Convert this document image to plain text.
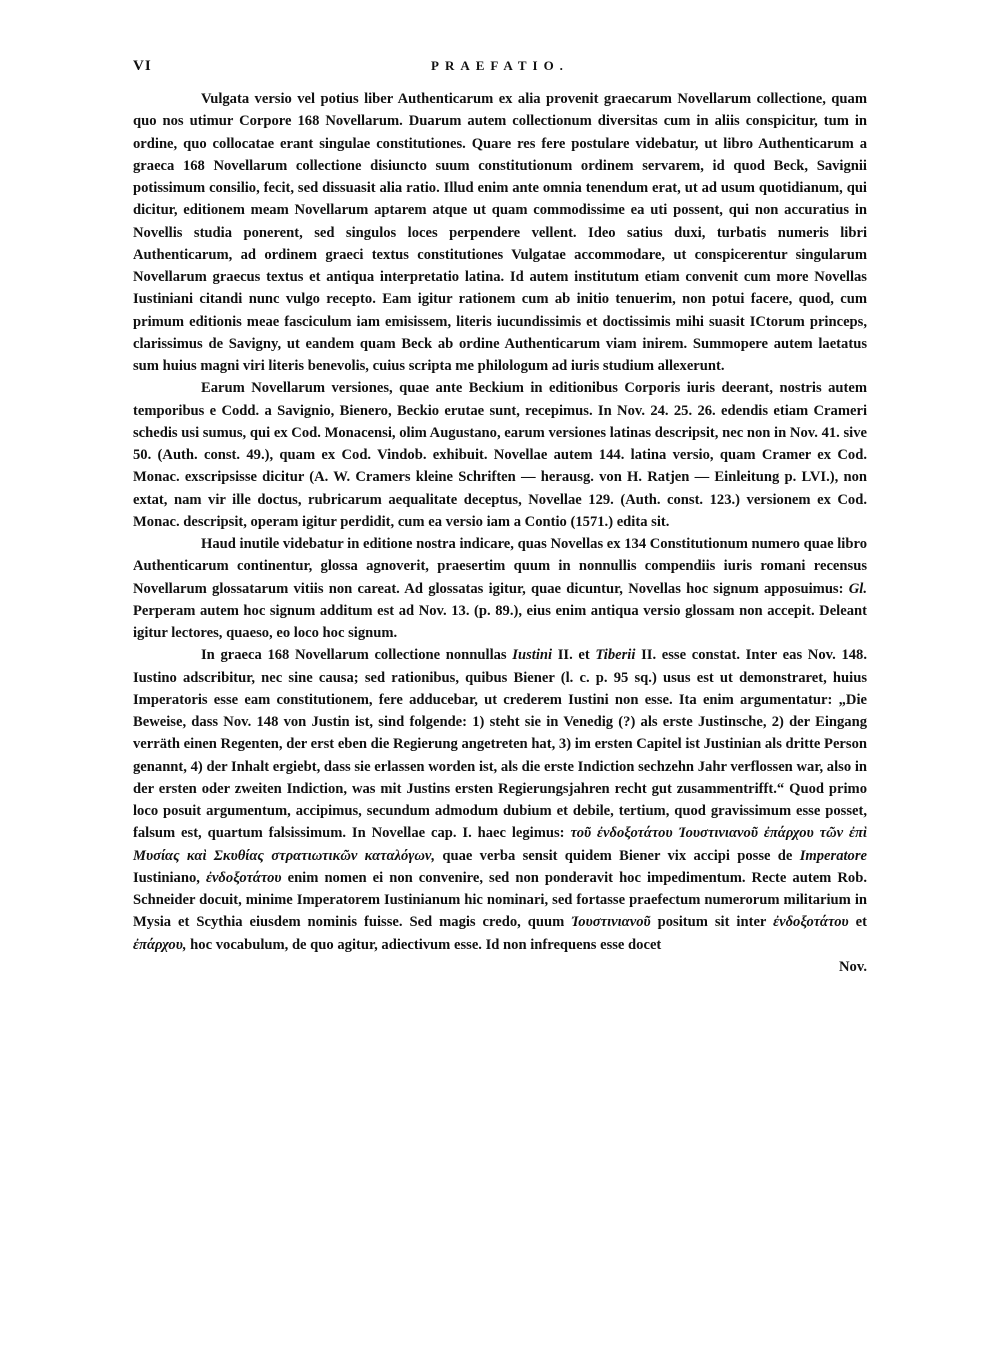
PRAEFATIO.
VI

Vulgata versio vel potius liber Authenticarum ex alia provenit graecarum Novellarum collectione, quam quo nos utimur Corpore 168 Novellarum. Duarum autem collectionum diversitas cum in aliis conspicitur, tum in ordine, quo collocatae erant singulae constitutiones. Quare res fere postulare videbatur, ut libro Authenticarum a graeca 168 Novellarum collectione disiuncto suum constitutionum ordinem servarem, id quod Beck, Savignii potissimum consilio, fecit, sed dissuasit alia ratio. Illud enim ante omnia tenendum erat, ut ad usum quotidianum, qui dicitur, editionem meam Novellarum aptarem atque ut quam commodissime ea uti possent, qui non accuratius in Novellis studia ponerent, sed singulos loces perpendere vellent. Ideo satius duxi, turbatis numeris libri Authenticarum, ad ordinem graeci textus constitutiones Vulgatae accommodare, ut conspicerentur singularum Novellarum graecus textus et antiqua interpretatio latina. Id autem institutum etiam convenit cum more Novellas Iustiniani citandi nunc vulgo recepto. Eam igitur rationem cum ab initio tenuerim, non potui facere, quod, cum primum editionis meae fasciculum iam emisissem, literis iucundissimis et doctissimis mihi suasit ICtorum princeps, clarissimus de Savigny, ut eandem quam Beck ab ordine Authenticarum viam inirem. Summopere autem laetatus sum huius magni viri literis benevolis, cuius scripta me philologum ad iuris studium allexerunt.

Earum Novellarum versiones, quae ante Beckium in editionibus Corporis iuris deerant, nostris autem temporibus e Codd. a Savignio, Bienero, Beckio erutae sunt, recepimus. In Nov. 24. 25. 26. edendis etiam Crameri schedis usi sumus, qui ex Cod. Monacensi, olim Augustano, earum versiones latinas descripsit, nec non in Nov. 41. sive 50. (Auth. const. 49.), quam ex Cod. Vindob. exhibuit. Novellae autem 144. latina versio, quam Cramer ex Cod. Monac. exscripsisse dicitur (A. W. Cramers kleine Schriften — herausg. von H. Ratjen — Einleitung p. LVI.), non extat, nam vir ille doctus, rubricarum aequalitate deceptus, Novellae 129. (Auth. const. 123.) versionem ex Cod. Monac. descripsit, operam igitur perdidit, cum ea versio iam a Contio (1571.) edita sit.

Haud inutile videbatur in editione nostra indicare, quas Novellas ex 134 Constitutionum numero quae libro Authenticarum continentur, glossa agnoverit, praesertim quum in nonnullis compendiis iuris romani recensus Novellarum glossatarum vitiis non careat. Ad glossatas igitur, quae dicuntur, Novellas hoc signum apposuimus: Gl. Perperam autem hoc signum additum est ad Nov. 13. (p. 89.), eius enim antiqua versio glossam non accepit. Deleant igitur lectores, quaeso, eo loco hoc signum.

In graeca 168 Novellarum collectione nonnullas Iustini II. et Tiberii II. esse constat. Inter eas Nov. 148. Iustino adscribitur, nec sine causa; sed rationibus, quibus Biener (l. c. p. 95 sq.) usus est ut demonstraret, huius Imperatoris esse eam constitutionem, fere adducebar, ut crederem Iustini non esse. Ita enim argumentatur: „Die Beweise, dass Nov. 148 von Justin ist, sind folgende: 1) steht sie in Venedig (?) als erste Justinsche, 2) der Eingang verräth einen Regenten, der erst eben die Regierung angetreten hat, 3) im ersten Capitel ist Justinian als dritte Person genannt, 4) der Inhalt ergiebt, dass sie erlassen worden ist, als die erste Indiction sechzehn Jahr verflossen war, also in der ersten oder zweiten Indiction, was mit Justins ersten Regierungsjahren recht gut zusammentrifft.“ Quod primo loco posuit argumentum, accipimus, secundum admodum dubium et debile, tertium, quod gravissimum esse posset, falsum est, quartum falsissimum. In Novellae cap. I. haec legimus: τοῦ ἐνδοξοτάτου Ἰουστινιανοῦ ἐπάρχου τῶν ἐπὶ Μυσίας καὶ Σκυθίας στρατιωτικῶν καταλόγων, quae verba sensit quidem Biener vix accipi posse de Imperatore Iustiniano, ἐνδοξοτάτου enim nomen ei non convenire, sed non ponderavit hoc impedimentum. Recte autem Rob. Schneider docuit, minime Imperatorem Iustinianum hic nominari, sed fortasse praefectum numerorum militarium in Mysia et Scythia eiusdem nominis fuisse. Sed magis credo, quum Ἰουστινιανοῦ positum sit inter ἐνδοξοτάτου et ἐπάρχου, hoc vocabulum, de quo agitur, adiectivum esse. Id non infrequens esse docet

Nov.
